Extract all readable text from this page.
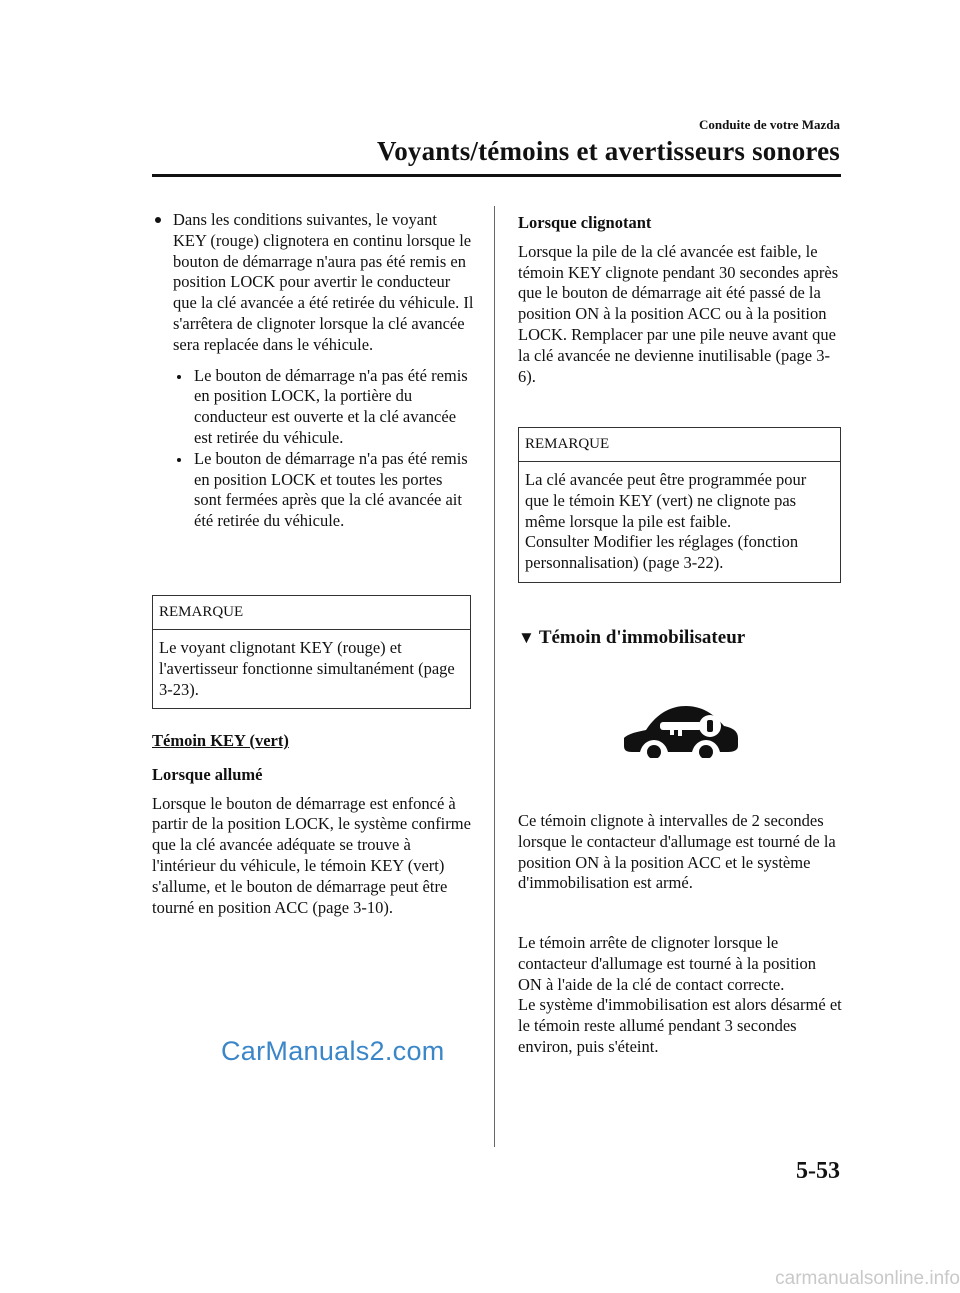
Conduite de votre Mazda
Voyants/témoins et avertisseurs sonores
Dans les conditions suivantes, le voyant KEY (rouge) clignotera en continu lorsque le bouton de démarrage n'aura pas été remis en position LOCK pour avertir le conducteur que la clé avancée a été retirée du véhicule. Il s'arrêtera de clignoter lorsque la clé avancée sera replacée dans le véhicule.
Le bouton de démarrage n'a pas été remis en position LOCK, la portière du conducteur est ouverte et la clé avancée est retirée du véhicule.
Le bouton de démarrage n'a pas été remis en position LOCK et toutes les portes sont fermées après que la clé avancée ait été retirée du véhicule.
REMARQUE
Le voyant clignotant KEY (rouge) et l'avertisseur fonctionne simultanément (page 3-23).
Témoin KEY (vert)
Lorsque allumé
Lorsque le bouton de démarrage est enfoncé à partir de la position LOCK, le système confirme que la clé avancée adéquate se trouve à l'intérieur du véhicule, le témoin KEY (vert) s'allume, et le bouton de démarrage peut être tourné en position ACC (page 3-10).
Lorsque clignotant
Lorsque la pile de la clé avancée est faible, le témoin KEY clignote pendant 30 secondes après que le bouton de démarrage ait été passé de la position ON à la position ACC ou à la position LOCK. Remplacer par une pile neuve avant que la clé avancée ne devienne inutilisable (page 3-6).
REMARQUE
La clé avancée peut être programmée pour que le témoin KEY (vert) ne clignote pas même lorsque la pile est faible.
Consulter Modifier les réglages (fonction personnalisation) (page 3-22).
▼ Témoin d'immobilisateur
Ce témoin clignote à intervalles de 2 secondes lorsque le contacteur d'allumage est tourné de la position ON à la position ACC et le système d'immobilisation est armé.
Le témoin arrête de clignoter lorsque le contacteur d'allumage est tourné à la position ON à l'aide de la clé de contact correcte.
Le système d'immobilisation est alors désarmé et le témoin reste allumé pendant 3 secondes environ, puis s'éteint.
5-53
CarManuals2.com
carmanualsonline.info
